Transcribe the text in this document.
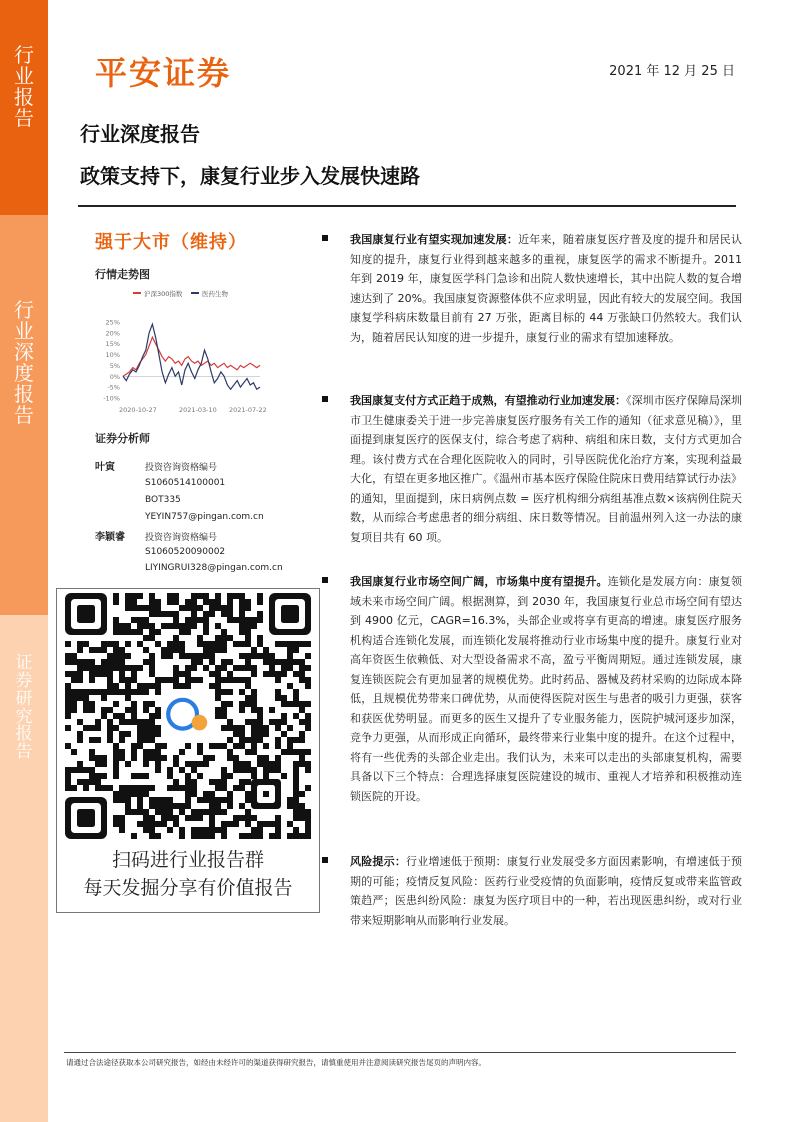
行
业
报
告
行
业
深
度
报
告
证
券
研
究
报
告
平安证券	2021 年 12 月 25 日
行业深度报告
政策支持下，康复行业步入发展快速路
强于大市（维持）
行情走势图
沪深300指数	医药生物
25%
20%
15%
10%
5%
0%
-5%
-10%
2020-10-27	2021-03-10 2021-07-22
证券分析师
叶寅	投资咨询资格编号
S1060514100001
BOT335
YEYIN757@pingan.com.cn
李颖睿	投资咨询资格编号
S1060520090002
LIYINGRUI328@pingan.com.cn
扫码进行业报告群
每天发掘分享有价值报告

我国康复行业有望实现加速发展：近年来，随着康复医疗普及度的提升和居民认知度的提升，康复行业得到越来越多的重视，康复医学的需求不断提升。2011 年到 2019 年，康复医学科门急诊和出院人数快速增长，其中出院人数的复合增速达到了 20%。我国康复资源整体供不应求明显，因此有较大的发展空间。我国康复学科病床数量目前有 27 万张，距离目标的 44 万张缺口仍然较大。我们认为，随着居民认知度的进一步提升，康复行业的需求有望加速释放。

我国康复支付方式正趋于成熟，有望推动行业加速发展：《深圳市医疗保障局深圳市卫生健康委关于进一步完善康复医疗服务有关工作的通知（征求意见稿）》，里面提到康复医疗的医保支付，综合考虑了病种、病组和床日数，支付方式更加合理。该付费方式在合理化医院收入的同时，引导医院优化治疗方案，实现利益最大化，有望在更多地区推广。《温州市基本医疗保险住院床日费用结算试行办法》的通知，里面提到，床日病例点数 = 医疗机构细分病组基准点数×该病例住院天数，从而综合考虑患者的细分病组、床日数等情况。目前温州列入这一办法的康复项目共有 60 项。

我国康复行业市场空间广阔，市场集中度有望提升。连锁化是发展方向：康复领域未来市场空间广阔。根据测算，到 2030 年，我国康复行业总市场空间有望达到 4900 亿元，CAGR=16.3%，头部企业或将享有更高的增速。康复医疗服务机构适合连锁化发展，而连锁化发展将推动行业市场集中度的提升。康复行业对高年资医生依赖低、对大型设备需求不高，盈亏平衡周期短。通过连锁发展，康复连锁医院会有更加显著的规模优势。此时药品、器械及药材采购的边际成本降低，且规模优势带来口碑优势，从而使得医院对医生与患者的吸引力更强，获客和获医优势明显。而更多的医生又提升了专业服务能力，医院护城河逐步加深，竞争力更强，从而形成正向循环，最终带来行业集中度的提升。在这个过程中，将有一些优秀的头部企业走出。我们认为，未来可以走出的头部康复机构，需要具备以下三个特点：合理选择康复医院建设的城市、重视人才培养和积极推动连锁医院的开设。

风险提示：行业增速低于预期：康复行业发展受多方面因素影响，有增速低于预期的可能；疫情反复风险：医药行业受疫情的负面影响，疫情反复或带来监管政策趋严；医患纠纷风险：康复为医疗项目中的一种，若出现医患纠纷，或对行业带来短期影响从而影响行业发展。

请通过合法途径获取本公司研究报告，如经由未经许可的渠道获得研究报告，请慎重使用并注意阅读研究报告尾页的声明内容。
